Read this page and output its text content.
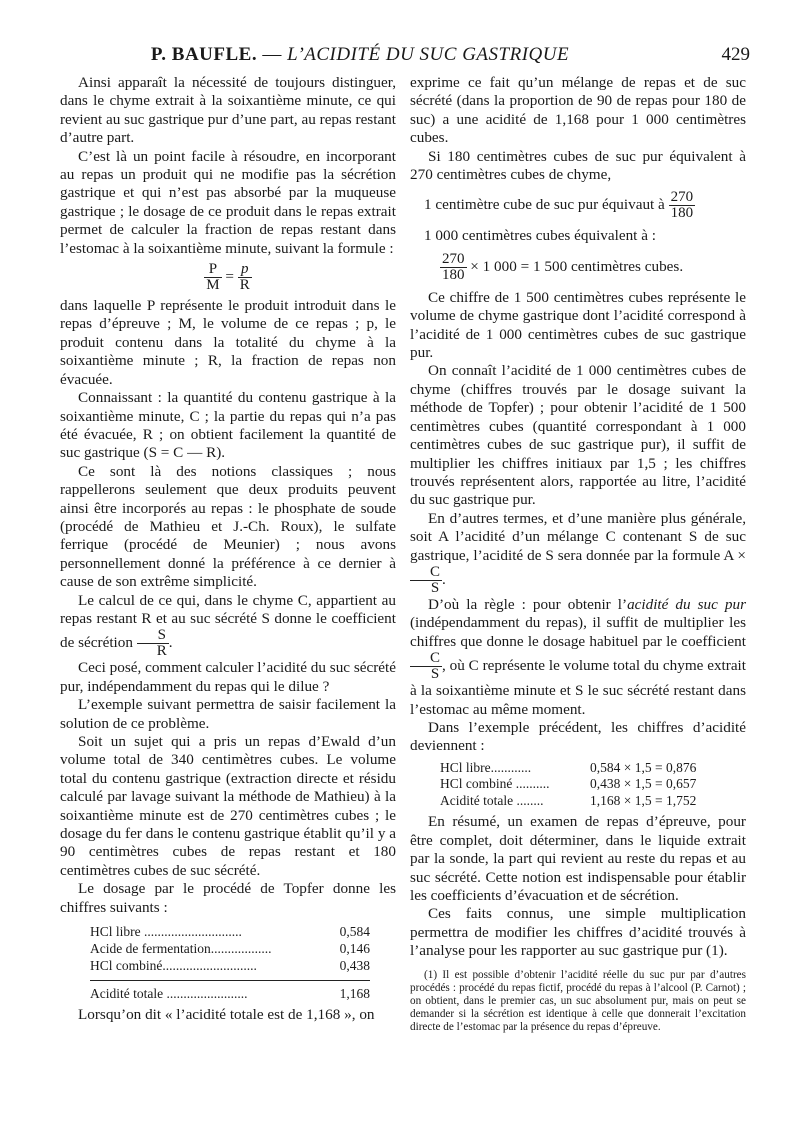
P. BAUFLE. — L’ACIDITÉ DU SUC GASTRIQUE	429

Ainsi apparaît la nécessité de toujours distinguer, dans le chyme extrait à la soixantième minute, ce qui revient au suc gastrique pur d’une part, au repas restant d’autre part.

C’est là un point facile à résoudre, en incorporant au repas un produit qui ne modifie pas la sécrétion gastrique et qui n’est pas absorbé par la muqueuse gastrique ; le dosage de ce produit dans le repas extrait permet de calculer la fraction de repas restant dans l’estomac à la soixantième minute, suivant la formule :

$\frac{P}{M} = \frac{p}{R}$

dans laquelle P représente le produit introduit dans le repas d’épreuve ; M, le volume de ce repas ; p, le produit contenu dans la totalité du chyme à la soixantième minute ; R, la fraction de repas non évacuée.

Connaissant : la quantité du contenu gastrique à la soixantième minute, C ; la partie du repas qui n’a pas été évacuée, R ; on obtient facilement la quantité de suc gastrique (S = C — R).

Ce sont là des notions classiques ; nous rappellerons seulement que deux produits peuvent ainsi être incorporés au repas : le phosphate de soude (procédé de Mathieu et J.-Ch. Roux), le sulfate ferrique (procédé de Meunier) ; nous avons personnellement donné la préférence à ce dernier à cause de son extrême simplicité.

Le calcul de ce qui, dans le chyme C, appartient au repas restant R et au suc sécrété S donne le coefficient de sécrétion $\frac{S}{R}$ .

Ceci posé, comment calculer l’acidité du suc sécrété pur, indépendamment du repas qui le dilue ?

L’exemple suivant permettra de saisir facilement la solution de ce problème.

Soit un sujet qui a pris un repas d’Ewald d’un volume total de 340 centimètres cubes. Le volume total du contenu gastrique (extraction directe et résidu calculé par lavage suivant la méthode de Mathieu) à la soixantième minute est de 270 centimètres cubes ; le dosage du fer dans le contenu gastrique établit qu’il y a 90 centimètres cubes de repas restant et 180 centimètres cubes de suc sécrété.

Le dosage par le procédé de Topfer donne les chiffres suivants :

HCl libre .............................	0,584
Acide de fermentation..................	0,146
HCl combiné............................	0,438
Acidité totale ........................	1,168

Lorsqu’on dit « l’acidité totale est de 1,168 », on

exprime ce fait qu’un mélange de repas et de suc sécrété (dans la proportion de 90 de repas pour 180 de suc) a une acidité de 1,168 pour 1 000 centimètres cubes.

Si 180 centimètres cubes de suc pur équivalent à 270 centimètres cubes de chyme,

1 centimètre cube de suc pur équivaut à $\frac{270}{180}$
1 000 centimètres cubes équivalent à :
$\frac{270}{180} \times 1$ 000 = 1 500 centimètres cubes.

Ce chiffre de 1 500 centimètres cubes représente le volume de chyme gastrique dont l’acidité correspond à l’acidité de 1 000 centimètres cubes de suc gastrique pur.

On connaît l’acidité de 1 000 centimètres cubes de chyme (chiffres trouvés par le dosage suivant la méthode de Topfer) ; pour obtenir l’acidité de 1 500 centimètres cubes (quantité correspondant à 1 000 centimètres cubes de suc gastrique pur), il suffit de multiplier les chiffres initiaux par 1,5 ; les chiffres trouvés représentent alors, rapportée au litre, l’acidité du suc gastrique pur.

En d’autres termes, et d’une manière plus générale, soit A l’acidité d’un mélange C contenant S de suc gastrique, l’acidité de S sera donnée par la formule A ×
$\frac{C}{S}$ .

D’où la règle : pour obtenir l’acidité du suc pur (indépendamment du repas), il suffit de multiplier les chiffres que donne le dosage habituel par le coefficient
$\frac{C}{S}$ , où C représente le volume total du chyme extrait à la soixantième minute et S le suc sécrété restant dans l’estomac au même moment.

Dans l’exemple précédent, les chiffres d’acidité deviennent :

HCl libre............	0,584 × 1,5 = 0,876
HCl combiné ..........	0,438 × 1,5 = 0,657
Acidité totale ........	1,168 × 1,5 = 1,752

En résumé, un examen de repas d’épreuve, pour être complet, doit déterminer, dans le liquide extrait par la sonde, la part qui revient au reste du repas et au suc sécrété. Cette notion est indispensable pour établir les coefficients d’évacuation et de sécrétion.

Ces faits connus, une simple multiplication permettra de modifier les chiffres d’acidité trouvés à l’analyse pour les rapporter au suc gastrique pur (1).

(1) Il est possible d’obtenir l’acidité réelle du suc pur par d’autres procédés : procédé du repas fictif, procédé du repas à l’alcool (P. Carnot) ; on obtient, dans le premier cas, un suc absolument pur, mais on peut se demander si la sécrétion est identique à celle que donnerait l’excitation directe de l’estomac par la présence du repas d’épreuve.
